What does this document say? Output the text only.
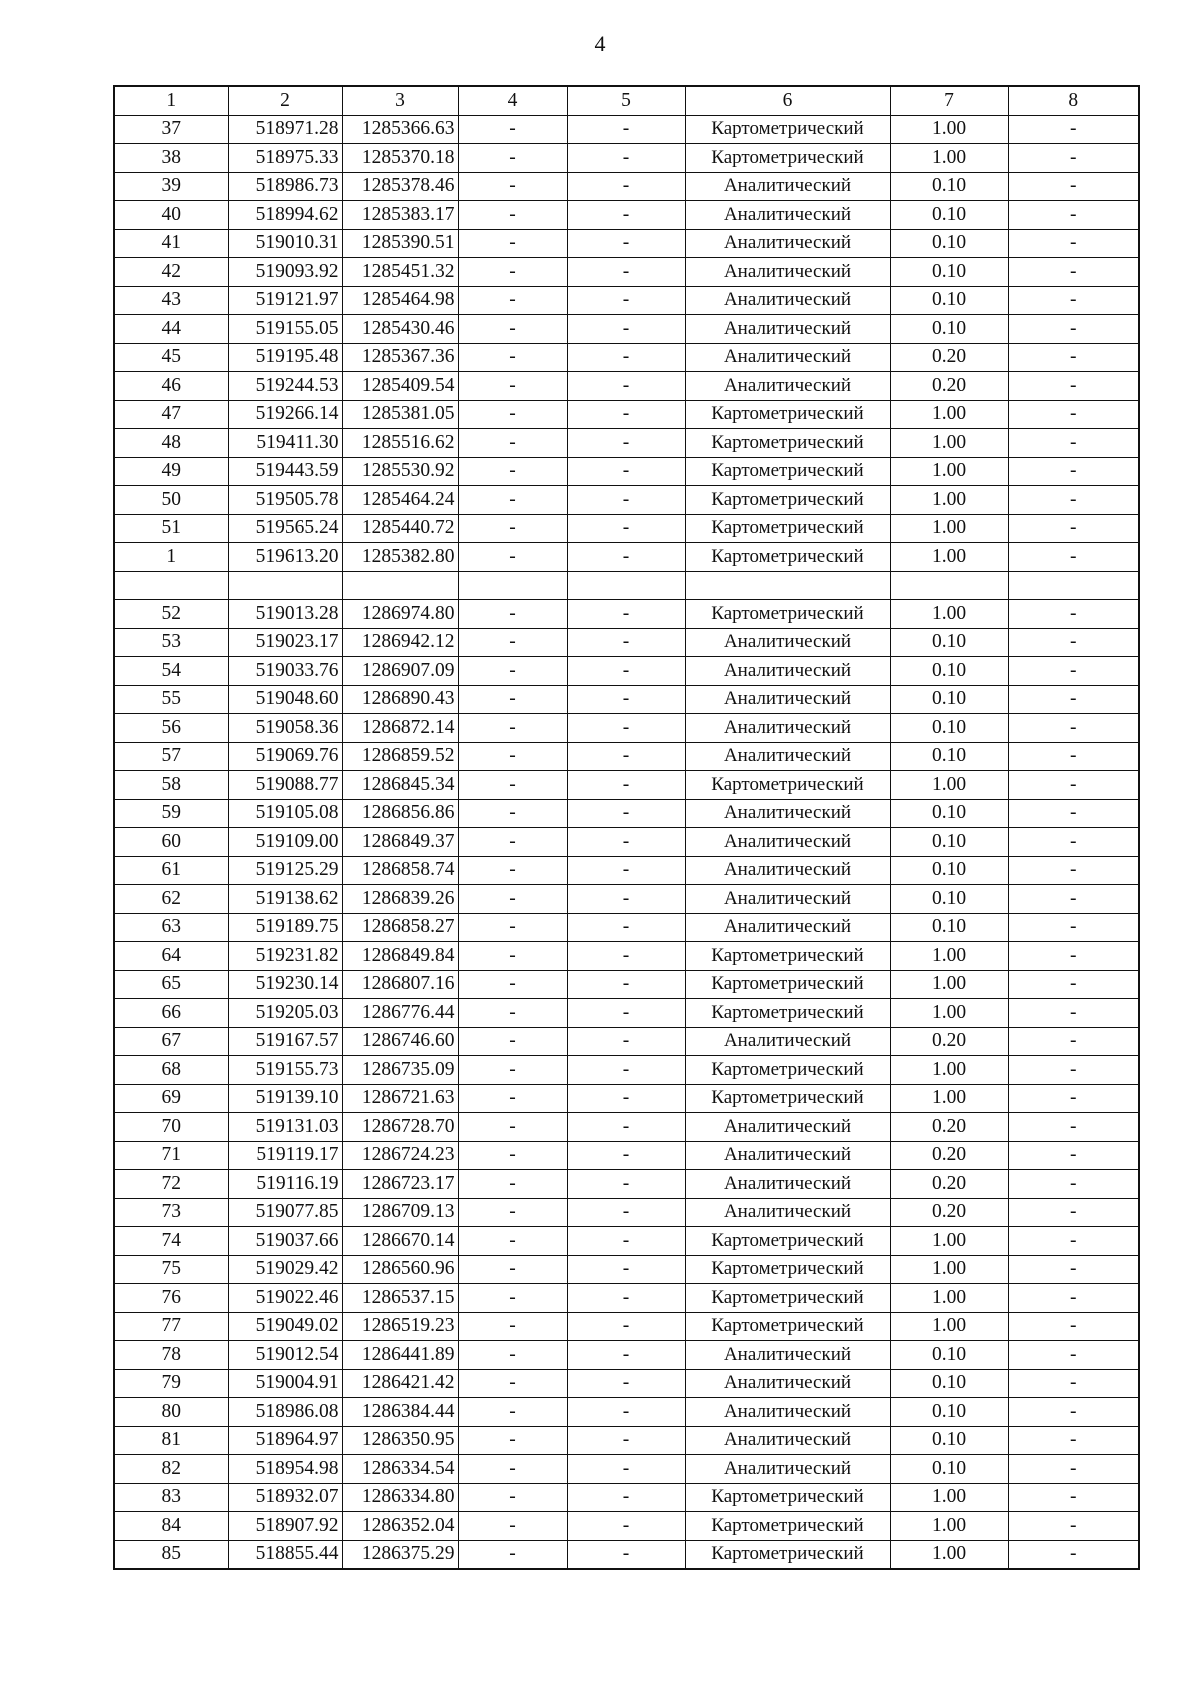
4
1	2	3	4	5	6	7	8
37	518971.28	1285366.63	-	-	Картометрический	1.00	-
38	518975.33	1285370.18	-	-	Картометрический	1.00	-
39	518986.73	1285378.46	-	-	Аналитический	0.10	-
40	518994.62	1285383.17	-	-	Аналитический	0.10	-
41	519010.31	1285390.51	-	-	Аналитический	0.10	-
42	519093.92	1285451.32	-	-	Аналитический	0.10	-
43	519121.97	1285464.98	-	-	Аналитический	0.10	-
44	519155.05	1285430.46	-	-	Аналитический	0.10	-
45	519195.48	1285367.36	-	-	Аналитический	0.20	-
46	519244.53	1285409.54	-	-	Аналитический	0.20	-
47	519266.14	1285381.05	-	-	Картометрический	1.00	-
48	519411.30	1285516.62	-	-	Картометрический	1.00	-
49	519443.59	1285530.92	-	-	Картометрический	1.00	-
50	519505.78	1285464.24	-	-	Картометрический	1.00	-
51	519565.24	1285440.72	-	-	Картометрический	1.00	-
1	519613.20	1285382.80	-	-	Картометрический	1.00	-

52	519013.28	1286974.80	-	-	Картометрический	1.00	-
53	519023.17	1286942.12	-	-	Аналитический	0.10	-
54	519033.76	1286907.09	-	-	Аналитический	0.10	-
55	519048.60	1286890.43	-	-	Аналитический	0.10	-
56	519058.36	1286872.14	-	-	Аналитический	0.10	-
57	519069.76	1286859.52	-	-	Аналитический	0.10	-
58	519088.77	1286845.34	-	-	Картометрический	1.00	-
59	519105.08	1286856.86	-	-	Аналитический	0.10	-
60	519109.00	1286849.37	-	-	Аналитический	0.10	-
61	519125.29	1286858.74	-	-	Аналитический	0.10	-
62	519138.62	1286839.26	-	-	Аналитический	0.10	-
63	519189.75	1286858.27	-	-	Аналитический	0.10	-
64	519231.82	1286849.84	-	-	Картометрический	1.00	-
65	519230.14	1286807.16	-	-	Картометрический	1.00	-
66	519205.03	1286776.44	-	-	Картометрический	1.00	-
67	519167.57	1286746.60	-	-	Аналитический	0.20	-
68	519155.73	1286735.09	-	-	Картометрический	1.00	-
69	519139.10	1286721.63	-	-	Картометрический	1.00	-
70	519131.03	1286728.70	-	-	Аналитический	0.20	-
71	519119.17	1286724.23	-	-	Аналитический	0.20	-
72	519116.19	1286723.17	-	-	Аналитический	0.20	-
73	519077.85	1286709.13	-	-	Аналитический	0.20	-
74	519037.66	1286670.14	-	-	Картометрический	1.00	-
75	519029.42	1286560.96	-	-	Картометрический	1.00	-
76	519022.46	1286537.15	-	-	Картометрический	1.00	-
77	519049.02	1286519.23	-	-	Картометрический	1.00	-
78	519012.54	1286441.89	-	-	Аналитический	0.10	-
79	519004.91	1286421.42	-	-	Аналитический	0.10	-
80	518986.08	1286384.44	-	-	Аналитический	0.10	-
81	518964.97	1286350.95	-	-	Аналитический	0.10	-
82	518954.98	1286334.54	-	-	Аналитический	0.10	-
83	518932.07	1286334.80	-	-	Картометрический	1.00	-
84	518907.92	1286352.04	-	-	Картометрический	1.00	-
85	518855.44	1286375.29	-	-	Картометрический	1.00	-
